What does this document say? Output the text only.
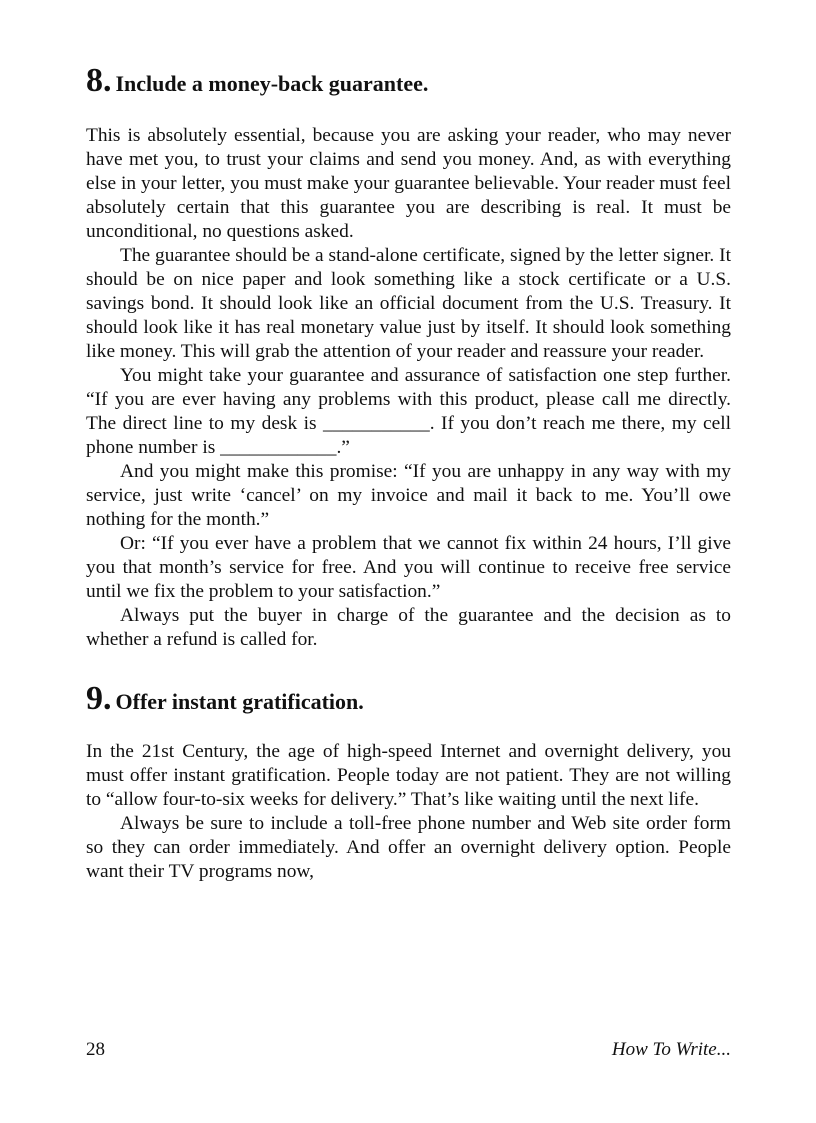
8. Include a money-back guarantee.

This is absolutely essential, because you are asking your reader, who may never have met you, to trust your claims and send you money. And, as with everything else in your letter, you must make your guarantee believable. Your reader must feel absolutely certain that this guarantee you are describing is real. It must be unconditional, no questions asked.

The guarantee should be a stand-alone certificate, signed by the letter signer. It should be on nice paper and look something like a stock certificate or a U.S. savings bond. It should look like an official document from the U.S. Treasury. It should look like it has real monetary value just by itself. It should look something like money. This will grab the attention of your reader and reassure your reader.

You might take your guarantee and assurance of satisfaction one step further. “If you are ever having any problems with this product, please call me directly. The direct line to my desk is ___________. If you don’t reach me there, my cell phone number is ____________.”

And you might make this promise: “If you are unhappy in any way with my service, just write ‘cancel’ on my invoice and mail it back to me. You’ll owe nothing for the month.”

Or: “If you ever have a problem that we cannot fix within 24 hours, I’ll give you that month’s service for free. And you will continue to receive free service until we fix the problem to your satisfaction.”

Always put the buyer in charge of the guarantee and the decision as to whether a refund is called for.

9. Offer instant gratification.

In the 21st Century, the age of high-speed Internet and overnight delivery, you must offer instant gratification. People today are not patient. They are not willing to “allow four-to-six weeks for delivery.” That’s like waiting until the next life.

Always be sure to include a toll-free phone number and Web site order form so they can order immediately. And offer an overnight delivery option. People want their TV programs now,

28	How To Write...
